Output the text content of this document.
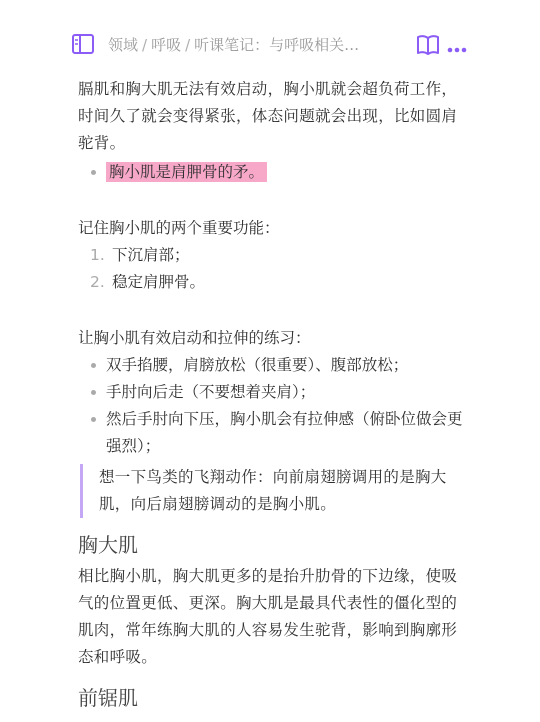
领域 / 呼吸 / 听课笔记：与呼吸相关…

膈肌和胸大肌无法有效启动，胸小肌就会超负荷工作，时间久了就会变得紧张，体态问题就会出现，比如圆肩驼背。

胸小肌是肩胛骨的矛。

记住胸小肌的两个重要功能：

1. 下沉肩部；
2. 稳定肩胛骨。

让胸小肌有效启动和拉伸的练习：

双手掐腰，肩膀放松（很重要）、腹部放松；
手肘向后走（不要想着夹肩）；
然后手肘向下压，胸小肌会有拉伸感（俯卧位做会更强烈）；
想一下鸟类的飞翔动作：向前扇翅膀调用的是胸大肌，向后扇翅膀调动的是胸小肌。
胸大肌

相比胸小肌，胸大肌更多的是抬升肋骨的下边缘，使吸气的位置更低、更深。胸大肌是最具代表性的僵化型的肌肉，常年练胸大肌的人容易发生驼背，影响到胸廓形态和呼吸。

前锯肌
